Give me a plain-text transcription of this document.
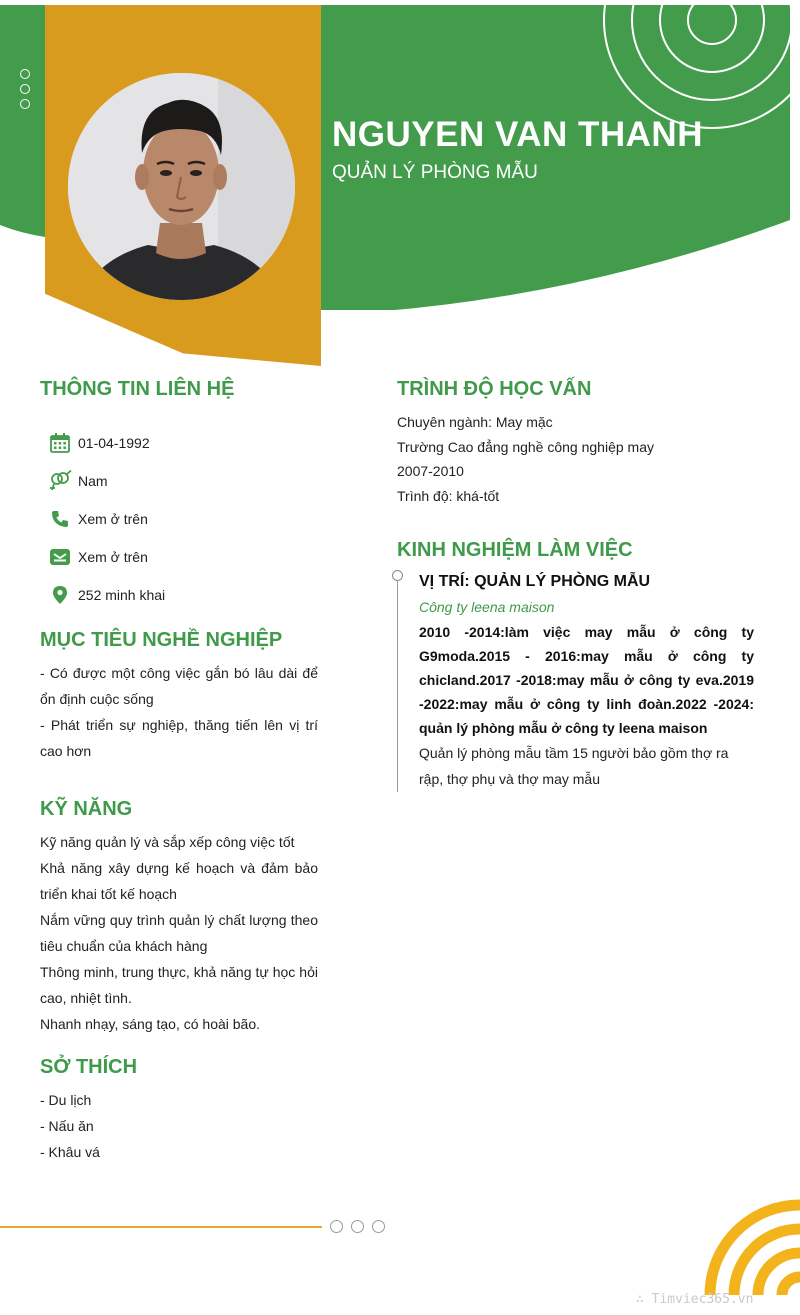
NGUYEN VAN THANH
QUẢN LÝ PHÒNG MẪU
THÔNG TIN LIÊN HỆ
01-04-1992
Nam
Xem ở trên
Xem ở trên
252 minh khai
MỤC TIÊU NGHỀ NGHIỆP
- Có được một công việc gắn bó lâu dài để ổn định cuộc sống
- Phát triển sự nghiệp, thăng tiến lên vị trí cao hơn
KỸ NĂNG
Kỹ năng quản lý và sắp xếp công việc tốt
Khả năng xây dựng kế hoạch và đảm bảo triển khai tốt kế hoạch
Nắm vững quy trình quản lý chất lượng theo tiêu chuẩn của khách hàng
Thông minh, trung thực, khả năng tự học hỏi cao, nhiệt tình.
Nhanh nhạy, sáng tạo, có hoài bão.
SỞ THÍCH
- Du lịch
- Nấu ăn
- Khâu vá
TRÌNH ĐỘ HỌC VẤN
Chuyên ngành: May mặc
Trường Cao đẳng nghề công nghiệp may
2007-2010
Trình độ: khá-tốt
KINH NGHIỆM LÀM VIỆC
VỊ TRÍ: QUẢN LÝ PHÒNG MẪU
Công ty leena maison
2010 -2014:làm việc may mẫu ở công ty G9moda.2015 - 2016:may mẫu ở công ty chicland.2017 -2018:may mẫu ở công ty eva.2019 -2022:may mẫu ở công ty linh đoàn.2022 -2024: quản lý phòng mẫu ở công ty leena maison
Quản lý phòng mẫu tầm 15 người bảo gồm thợ ra rập, thợ phụ và thợ may mẫu
∴ Timviec365.vn
